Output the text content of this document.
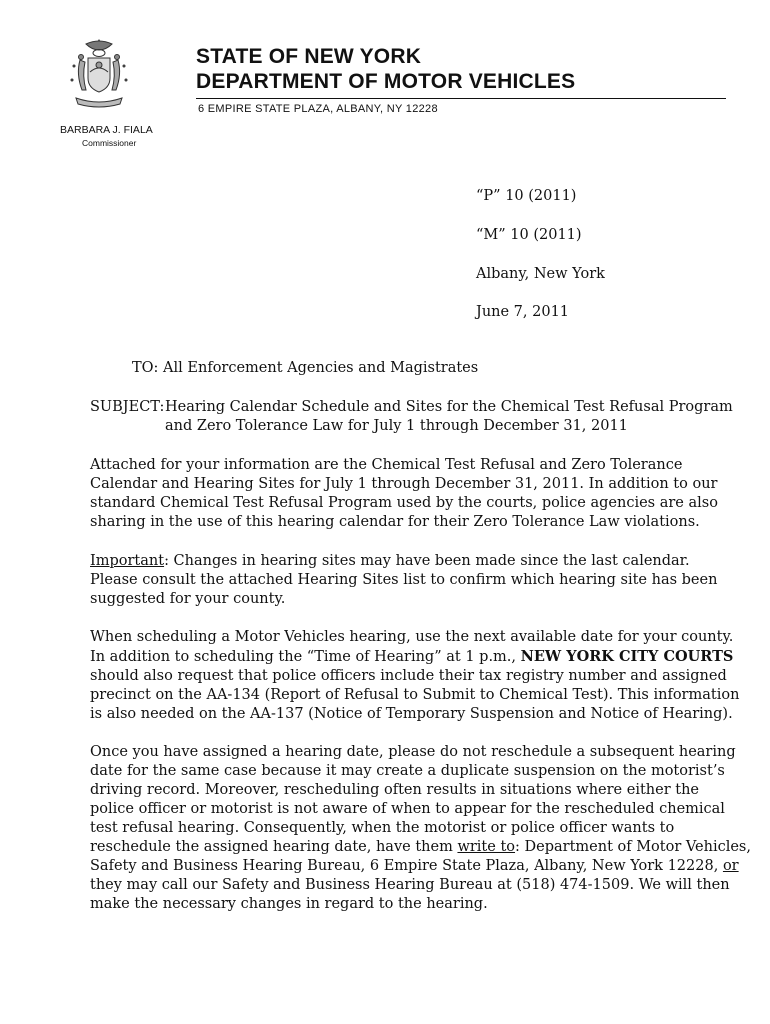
STATE OF NEW YORK
DEPARTMENT OF MOTOR VEHICLES
6 EMPIRE STATE PLAZA, ALBANY, NY 12228
BARBARA J. FIALA
Commissioner
“P” 10 (2011)
“M” 10 (2011)
Albany, New York
June 7, 2011
TO: All Enforcement Agencies and Magistrates
SUBJECT: Hearing Calendar Schedule and Sites for the Chemical Test Refusal Program
and Zero Tolerance Law for July 1 through December 31, 2011
Attached for your information are the Chemical Test Refusal and Zero Tolerance
Calendar and Hearing Sites for July 1 through December 31, 2011. In addition to our
standard Chemical Test Refusal Program used by the courts, police agencies are also
sharing in the use of this hearing calendar for their Zero Tolerance Law violations.
Important: Changes in hearing sites may have been made since the last calendar.
Please consult the attached Hearing Sites list to confirm which hearing site has been
suggested for your county.
When scheduling a Motor Vehicles hearing, use the next available date for your county.
In addition to scheduling the “Time of Hearing” at 1 p.m., NEW YORK CITY COURTS
should also request that police officers include their tax registry number and assigned
precinct on the AA-134 (Report of Refusal to Submit to Chemical Test). This information
is also needed on the AA-137 (Notice of Temporary Suspension and Notice of Hearing).
Once you have assigned a hearing date, please do not reschedule a subsequent hearing
date for the same case because it may create a duplicate suspension on the motorist’s
driving record. Moreover, rescheduling often results in situations where either the
police officer or motorist is not aware of when to appear for the rescheduled chemical
test refusal hearing. Consequently, when the motorist or police officer wants to
reschedule the assigned hearing date, have them write to: Department of Motor Vehicles,
Safety and Business Hearing Bureau, 6 Empire State Plaza, Albany, New York 12228, or
they may call our Safety and Business Hearing Bureau at (518) 474-1509. We will then
make the necessary changes in regard to the hearing.
